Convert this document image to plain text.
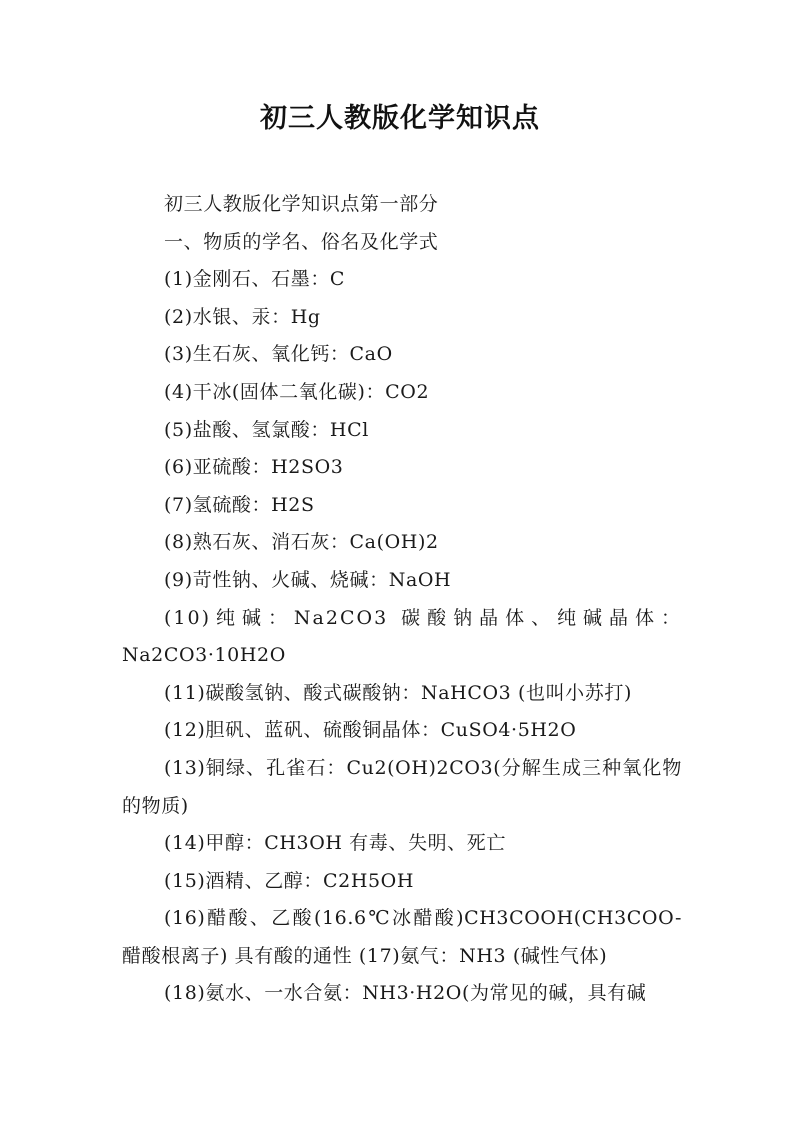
初三人教版化学知识点

初三人教版化学知识点第一部分

一、物质的学名、俗名及化学式

(1)金刚石、石墨：C

(2)水银、汞：Hg

(3)生石灰、氧化钙：CaO

(4)干冰(固体二氧化碳)：CO2

(5)盐酸、氢氯酸：HCl

(6)亚硫酸：H2SO3

(7)氢硫酸：H2S

(8)熟石灰、消石灰：Ca(OH)2

(9)苛性钠、火碱、烧碱：NaOH

(10)纯碱：Na2CO3 碳酸钠晶体、纯碱晶体：

Na2CO3·10H2O

(11)碳酸氢钠、酸式碳酸钠：NaHCO3 (也叫小苏打)

(12)胆矾、蓝矾、硫酸铜晶体：CuSO4·5H2O

(13)铜绿、孔雀石：Cu2(OH)2CO3(分解生成三种氧化物的物质)

(14)甲醇：CH3OH 有毒、失明、死亡

(15)酒精、乙醇：C2H5OH

(16)醋酸、乙酸(16.6℃冰醋酸)CH3COOH(CH3COO- 醋酸根离子) 具有酸的通性 (17)氨气：NH3 (碱性气体)

(18)氨水、一水合氨：NH3·H2O(为常见的碱，具有碱
